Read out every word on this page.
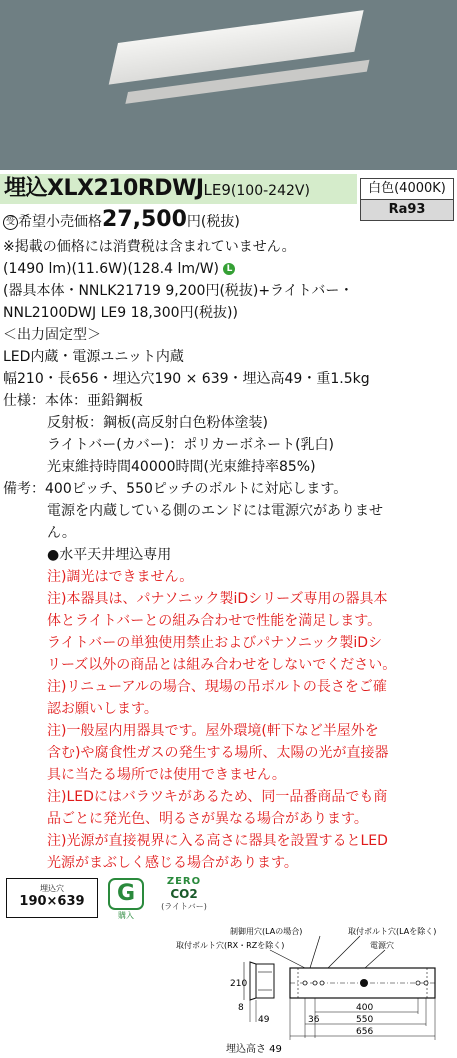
埋込XLX210RDWJLE9(100-242V)	白色(4000K)
Ra93
受 希望小売価格27,500円(税抜)
※掲載の価格には消費税は含まれていません。
(1490 lm)(11.6W)(128.4 lm/W) L
(器具本体・NNLK21719 9,200円(税抜)+ライトバー・
NNL2100DWJ LE9 18,300円(税抜))
＜出力固定型＞
LED内蔵・電源ユニット内蔵
幅210・長656・埋込穴190 × 639・埋込高49・重1.5kg
仕様：本体：亜鉛鋼板
反射板：鋼板(高反射白色粉体塗装)
ライトバー(カバー)：ポリカーボネート(乳白)
光束維持時間40000時間(光束維持率85%)
備考：400ピッチ、550ピッチのボルトに対応します。
電源を内蔵している側のエンドには電源穴がありませ
ん。
●水平天井埋込専用
注)調光はできません。
注)本器具は、パナソニック製iDシリーズ専用の器具本
体とライトバーとの組み合わせで性能を満足します。
ライトバーの単独使用禁止およびパナソニック製iDシ
リーズ以外の商品とは組み合わせをしないでください。
注)リニューアルの場合、現場の吊ボルトの長さをご確
認お願いします。
注)一般屋内用器具です。屋外環境(軒下など半屋外を
含む)や腐食性ガスの発生する場所、太陽の光が直接器
具に当たる場所では使用できません。
注)LEDにはバラツキがあるため、同一品番商品でも商
品ごとに発光色、明るさが異なる場合があります。
注)光源が直接視界に入る高さに器具を設置するとLED
光源がまぶしく感じる場合があります。
埋込穴
190×639	G
購入
ZERO
CO2
(ライトバー)
制御用穴(LAの場合)	取付ボルト穴(LAを除く)
取付ボルト穴(RX・RZを除く)	電源穴
210
400
550
36
656
8
49
埋込高さ 49
